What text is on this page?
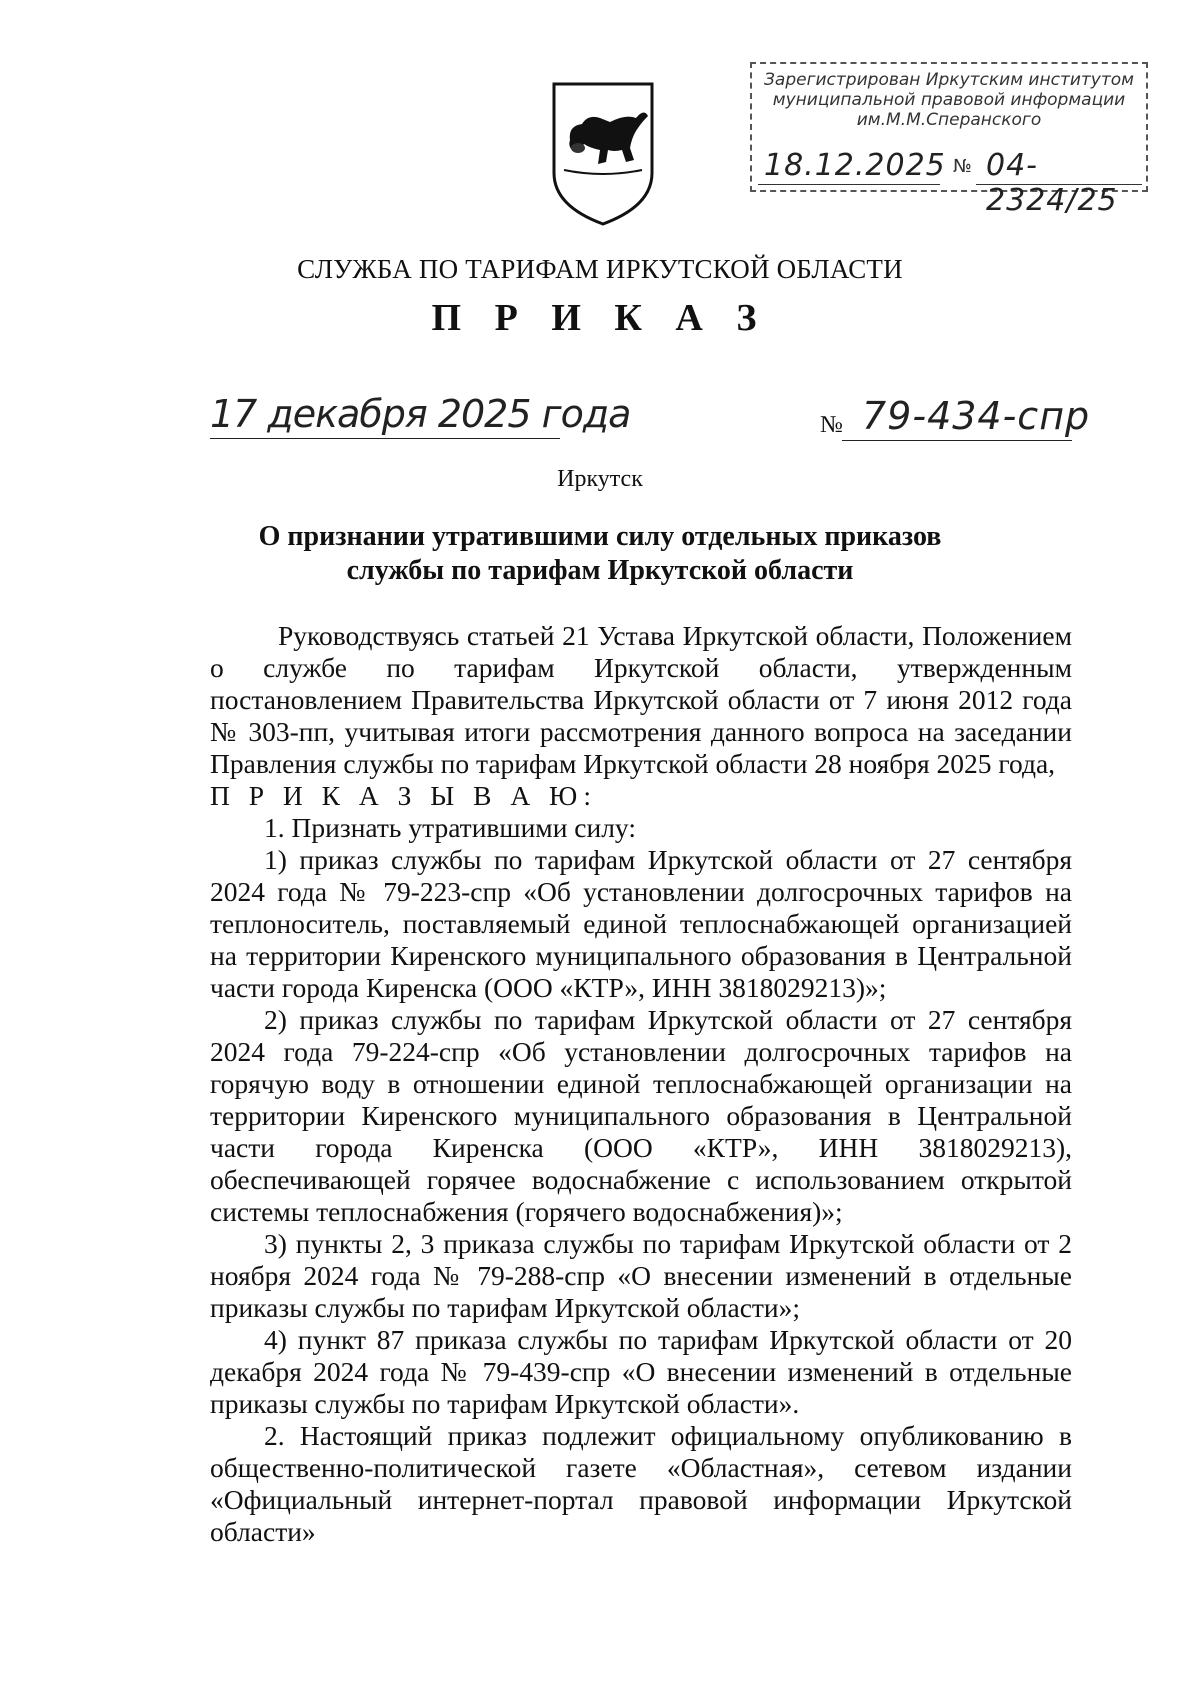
Зарегистрирован Иркутским институтом
муниципальной правовой информации
им.М.М.Сперанского
18.12.2025 № 04-2324/25
СЛУЖБА ПО ТАРИФАМ ИРКУТСКОЙ ОБЛАСТИ
П Р И К А З
17 декабря 2025 года	№ 79-434-спр
Иркутск
О признании утратившими силу отдельных приказов службы по тарифам Иркутской области

Руководствуясь статьей 21 Устава Иркутской области, Положением о службе по тарифам Иркутской области, утвержденным постановлением Правительства Иркутской области от 7 июня 2012 года № 303-пп, учитывая итоги рассмотрения данного вопроса на заседании Правления службы по тарифам Иркутской области 28 ноября 2025 года,

П Р И К А З Ы В А Ю:

1. Признать утратившими силу:

1) приказ службы по тарифам Иркутской области от 27 сентября 2024 года № 79-223-спр «Об установлении долгосрочных тарифов на теплоноситель, поставляемый единой теплоснабжающей организацией на территории Киренского муниципального образования в Центральной части города Киренска (ООО «КТР», ИНН 3818029213)»;

2) приказ службы по тарифам Иркутской области от 27 сентября 2024 года 79-224-спр «Об установлении долгосрочных тарифов на горячую воду в отношении единой теплоснабжающей организации на территории Киренского муниципального образования в Центральной части города Киренска (ООО «КТР», ИНН 3818029213), обеспечивающей горячее водоснабжение с использованием открытой системы теплоснабжения (горячего водоснабжения)»;

3) пункты 2, 3 приказа службы по тарифам Иркутской области от 2 ноября 2024 года № 79-288-спр «О внесении изменений в отдельные приказы службы по тарифам Иркутской области»;

4) пункт 87 приказа службы по тарифам Иркутской области от 20 декабря 2024 года № 79-439-спр «О внесении изменений в отдельные приказы службы по тарифам Иркутской области».

2. Настоящий приказ подлежит официальному опубликованию в общественно-политической газете «Областная», сетевом издании «Официальный интернет-портал правовой информации Иркутской области»
